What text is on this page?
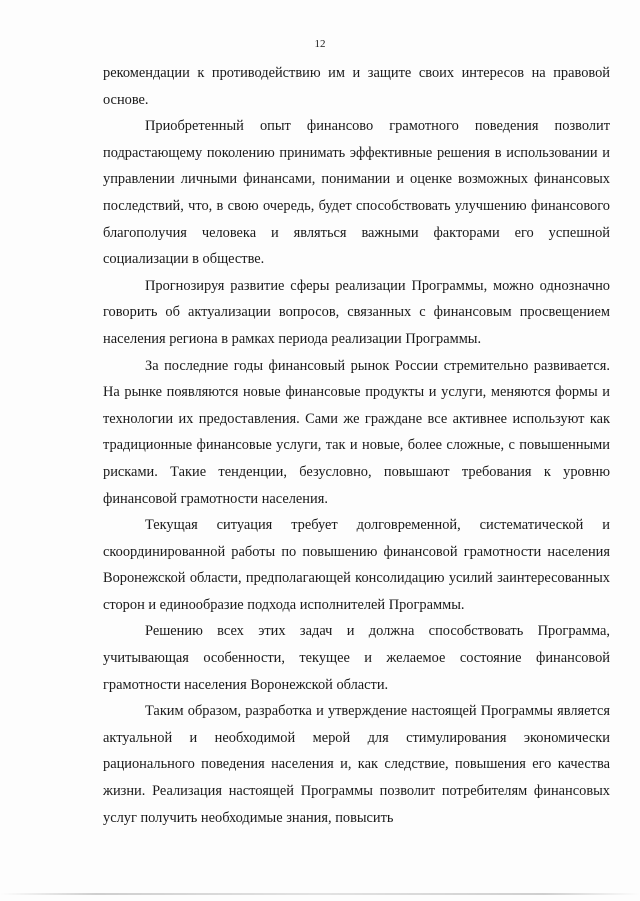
12

рекомендации к противодействию им и защите своих интересов на правовой основе.

Приобретенный опыт финансово грамотного поведения позволит подрастающему поколению принимать эффективные решения в использовании и управлении личными финансами, понимании и оценке возможных финансовых последствий, что, в свою очередь, будет способствовать улучшению финансового благополучия человека и являться важными факторами его успешной социализации в обществе.

Прогнозируя развитие сферы реализации Программы, можно однозначно говорить об актуализации вопросов, связанных с финансовым просвещением населения региона в рамках периода реализации Программы.

За последние годы финансовый рынок России стремительно развивается. На рынке появляются новые финансовые продукты и услуги, меняются формы и технологии их предоставления. Сами же граждане все активнее используют как традиционные финансовые услуги, так и новые, более сложные, с повышенными рисками. Такие тенденции, безусловно, повышают требования к уровню финансовой грамотности населения.

Текущая ситуация требует долговременной, систематической и скоординированной работы по повышению финансовой грамотности населения Воронежской области, предполагающей консолидацию усилий заинтересованных сторон и единообразие подхода исполнителей Программы.

Решению всех этих задач и должна способствовать Программа, учитывающая особенности, текущее и желаемое состояние финансовой грамотности населения Воронежской области.

Таким образом, разработка и утверждение настоящей Программы является актуальной и необходимой мерой для стимулирования экономически рационального поведения населения и, как следствие, повышения его качества жизни. Реализация настоящей Программы позволит потребителям финансовых услуг получить необходимые знания, повысить
